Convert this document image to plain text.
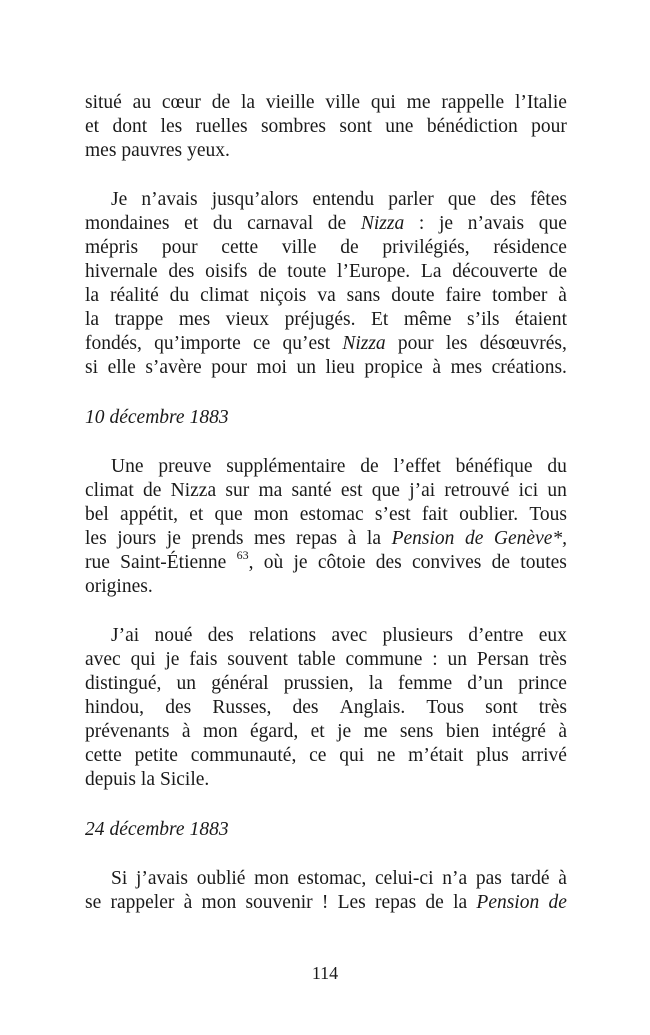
situé au cœur de la vieille ville qui me rappelle l’Italie
et dont les ruelles sombres sont une bénédiction pour
mes pauvres yeux.
Je n’avais jusqu’alors entendu parler que des fêtes
mondaines et du carnaval de Nizza : je n’avais que
mépris pour cette ville de privilégiés, résidence
hivernale des oisifs de toute l’Europe. La découverte de
la réalité du climat niçois va sans doute faire tomber à
la trappe mes vieux préjugés. Et même s’ils étaient
fondés, qu’importe ce qu’est Nizza pour les désœuvrés,
si elle s’avère pour moi un lieu propice à mes créations.
10 décembre 1883
Une preuve supplémentaire de l’effet bénéfique du
climat de Nizza sur ma santé est que j’ai retrouvé ici un
bel appétit, et que mon estomac s’est fait oublier. Tous
les jours je prends mes repas à la Pension de Genève*,
rue Saint-Étienne $^{63}$, où je côtoie des convives de toutes
origines.
J’ai noué des relations avec plusieurs d’entre eux
avec qui je fais souvent table commune : un Persan très
distingué, un général prussien, la femme d’un prince
hindou, des Russes, des Anglais. Tous sont très
prévenants à mon égard, et je me sens bien intégré à
cette petite communauté, ce qui ne m’était plus arrivé
depuis la Sicile.
24 décembre 1883
Si j’avais oublié mon estomac, celui-ci n’a pas tardé à
se rappeler à mon souvenir ! Les repas de la Pension de
114
